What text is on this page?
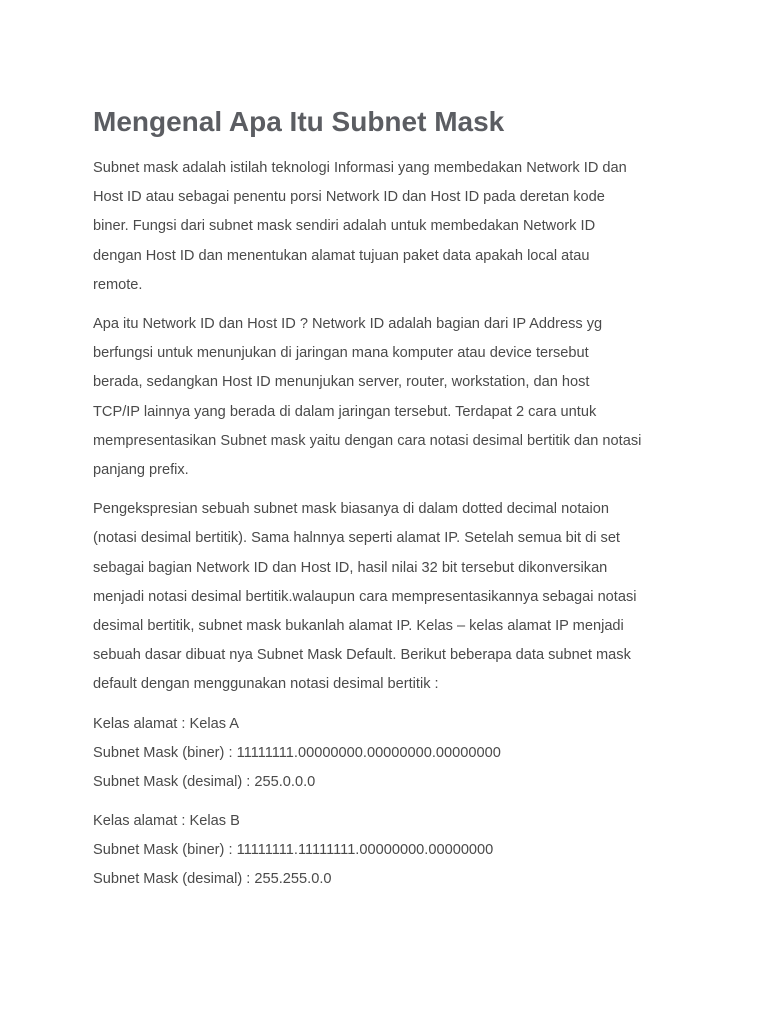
Mengenal Apa Itu Subnet Mask

Subnet mask adalah istilah teknologi Informasi yang membedakan Network ID dan
Host ID atau sebagai penentu porsi Network ID dan Host ID pada deretan kode
biner. Fungsi dari subnet mask sendiri adalah untuk membedakan Network ID
dengan Host ID dan menentukan alamat tujuan paket data apakah local atau
remote.

Apa itu Network ID dan Host ID ? Network ID adalah bagian dari IP Address yg
berfungsi untuk menunjukan di jaringan mana komputer atau device tersebut
berada, sedangkan Host ID menunjukan server, router, workstation, dan host
TCP/IP lainnya yang berada di dalam jaringan tersebut. Terdapat 2 cara untuk
mempresentasikan Subnet mask yaitu dengan cara notasi desimal bertitik dan notasi
panjang prefix.

Pengekspresian sebuah subnet mask biasanya di dalam dotted decimal notaion
(notasi desimal bertitik). Sama halnnya seperti alamat IP. Setelah semua bit di set
sebagai bagian Network ID dan Host ID, hasil nilai 32 bit tersebut dikonversikan
menjadi notasi desimal bertitik.walaupun cara mempresentasikannya sebagai notasi
desimal bertitik, subnet mask bukanlah alamat IP. Kelas – kelas alamat IP menjadi
sebuah dasar dibuat nya Subnet Mask Default. Berikut beberapa data subnet mask
default dengan menggunakan notasi desimal bertitik :

Kelas alamat : Kelas A
Subnet Mask (biner) : 11111111.00000000.00000000.00000000
Subnet Mask (desimal) : 255.0.0.0

Kelas alamat : Kelas B
Subnet Mask (biner) : 11111111.11111111.00000000.00000000
Subnet Mask (desimal) : 255.255.0.0
